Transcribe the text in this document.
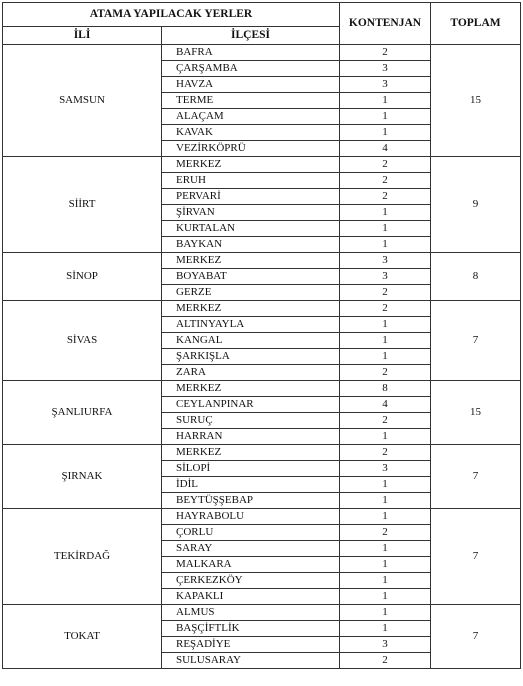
ATAMA YAPILACAK YERLER		KONTENJAN	TOPLAM
İLİ	İLÇESİ		
SAMSUN	BAFRA	2	15
	ÇARŞAMBA	3	
	HAVZA	3	
	TERME	1	
	ALAÇAM	1	
	KAVAK	1	
	VEZİRKÖPRÜ	4	
SİİRT	MERKEZ	2	9
	ERUH	2	
	PERVARİ	2	
	ŞİRVAN	1	
	KURTALAN	1	
	BAYKAN	1	
SİNOP	MERKEZ	3	8
	BOYABAT	3	
	GERZE	2	
SİVAS	MERKEZ	2	7
	ALTINYAYLA	1	
	KANGAL	1	
	ŞARKIŞLA	1	
	ZARA	2	
ŞANLIURFA	MERKEZ	8	15
	CEYLANPINAR	4	
	SURUÇ	2	
	HARRAN	1	
ŞIRNAK	MERKEZ	2	7
	SİLOPİ	3	
	İDİL	1	
	BEYTÜŞŞEBAP	1	
TEKİRDAĞ	HAYRABOLU	1	7
	ÇORLU	2	
	SARAY	1	
	MALKARA	1	
	ÇERKEZKÖY	1	
	KAPAKLI	1	
TOKAT	ALMUS	1	7
	BAŞÇİFTLİK	1	
	REŞADİYE	3	
	SULUSARAY	2	
